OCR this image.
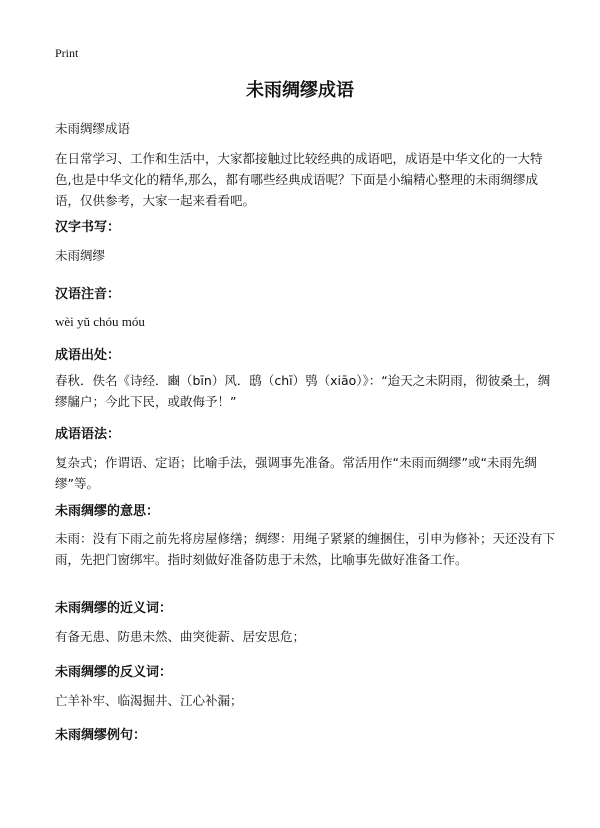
Print
未雨绸缪成语

未雨绸缪成语

在日常学习、工作和生活中，大家都接触过比较经典的成语吧，成语是中华文化的一大特色,也是中华文化的精华,那么，都有哪些经典成语呢？下面是小编精心整理的未雨绸缪成语，仅供参考，大家一起来看看吧。

汉字书写：

未雨绸缪

汉语注音：

wèi yǔ chóu móu

成语出处：

春秋．佚名《诗经．豳（bīn）风．鸱（chī）鸮（xiāo）》：“迨天之未阴雨，彻彼桑土，绸缪牖户；今此下民，或敢侮予！”

成语语法：

复杂式；作谓语、定语；比喻手法，强调事先准备。常活用作“未雨而绸缪”或“未雨先绸缪”等。

未雨绸缪的意思：

未雨：没有下雨之前先将房屋修缮；绸缪：用绳子紧紧的缠捆住，引申为修补；天还没有下雨，先把门窗绑牢。指时刻做好准备防患于未然，比喻事先做好准备工作。

未雨绸缪的近义词：

有备无患、防患未然、曲突徙薪、居安思危；

未雨绸缪的反义词：

亡羊补牢、临渴掘井、江心补漏；

未雨绸缪例句：
